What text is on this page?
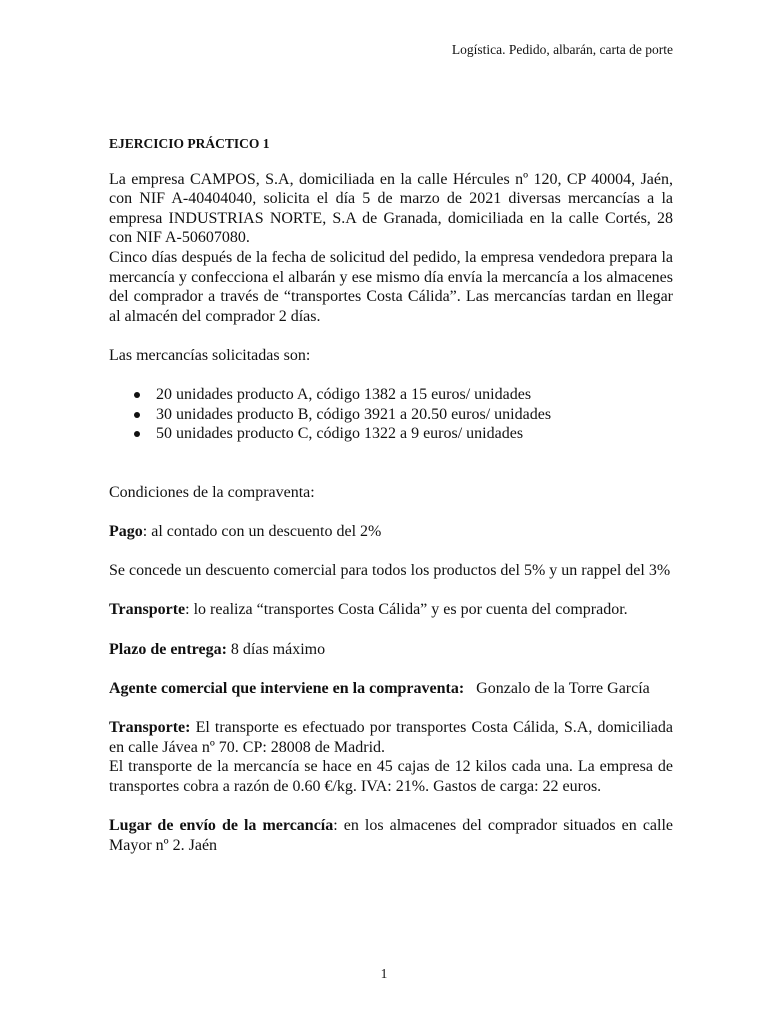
Logística. Pedido, albarán, carta de porte
EJERCICIO PRÁCTICO 1

La empresa CAMPOS, S.A, domiciliada en la calle Hércules nº 120, CP 40004, Jaén, con NIF A-40404040, solicita el día 5 de marzo de 2021 diversas mercancías a la empresa INDUSTRIAS NORTE, S.A de Granada, domiciliada en la calle Cortés, 28 con NIF A-50607080.

Cinco días después de la fecha de solicitud del pedido, la empresa vendedora prepara la mercancía y confecciona el albarán y ese mismo día envía la mercancía a los almacenes del comprador a través de “transportes Costa Cálida”. Las mercancías tardan en llegar al almacén del comprador 2 días.

Las mercancías solicitadas son:

20 unidades producto A, código 1382 a 15 euros/ unidades
30 unidades producto B, código 3921 a 20.50 euros/ unidades
50 unidades producto C, código 1322 a 9 euros/ unidades

Condiciones de la compraventa:

Pago: al contado con un descuento del 2%

Se concede un descuento comercial para todos los productos del 5% y un rappel del 3%

Transporte: lo realiza “transportes Costa Cálida” y es por cuenta del comprador.

Plazo de entrega: 8 días máximo

Agente comercial que interviene en la compraventa:   Gonzalo de la Torre García

Transporte: El transporte es efectuado por transportes Costa Cálida, S.A, domiciliada en calle Jávea nº 70. CP: 28008 de Madrid.

El transporte de la mercancía se hace en 45 cajas de 12 kilos cada una. La empresa de transportes cobra a razón de 0.60 €/kg. IVA: 21%. Gastos de carga: 22 euros.

Lugar de envío de la mercancía: en los almacenes del comprador situados en calle Mayor nº 2. Jaén

1
